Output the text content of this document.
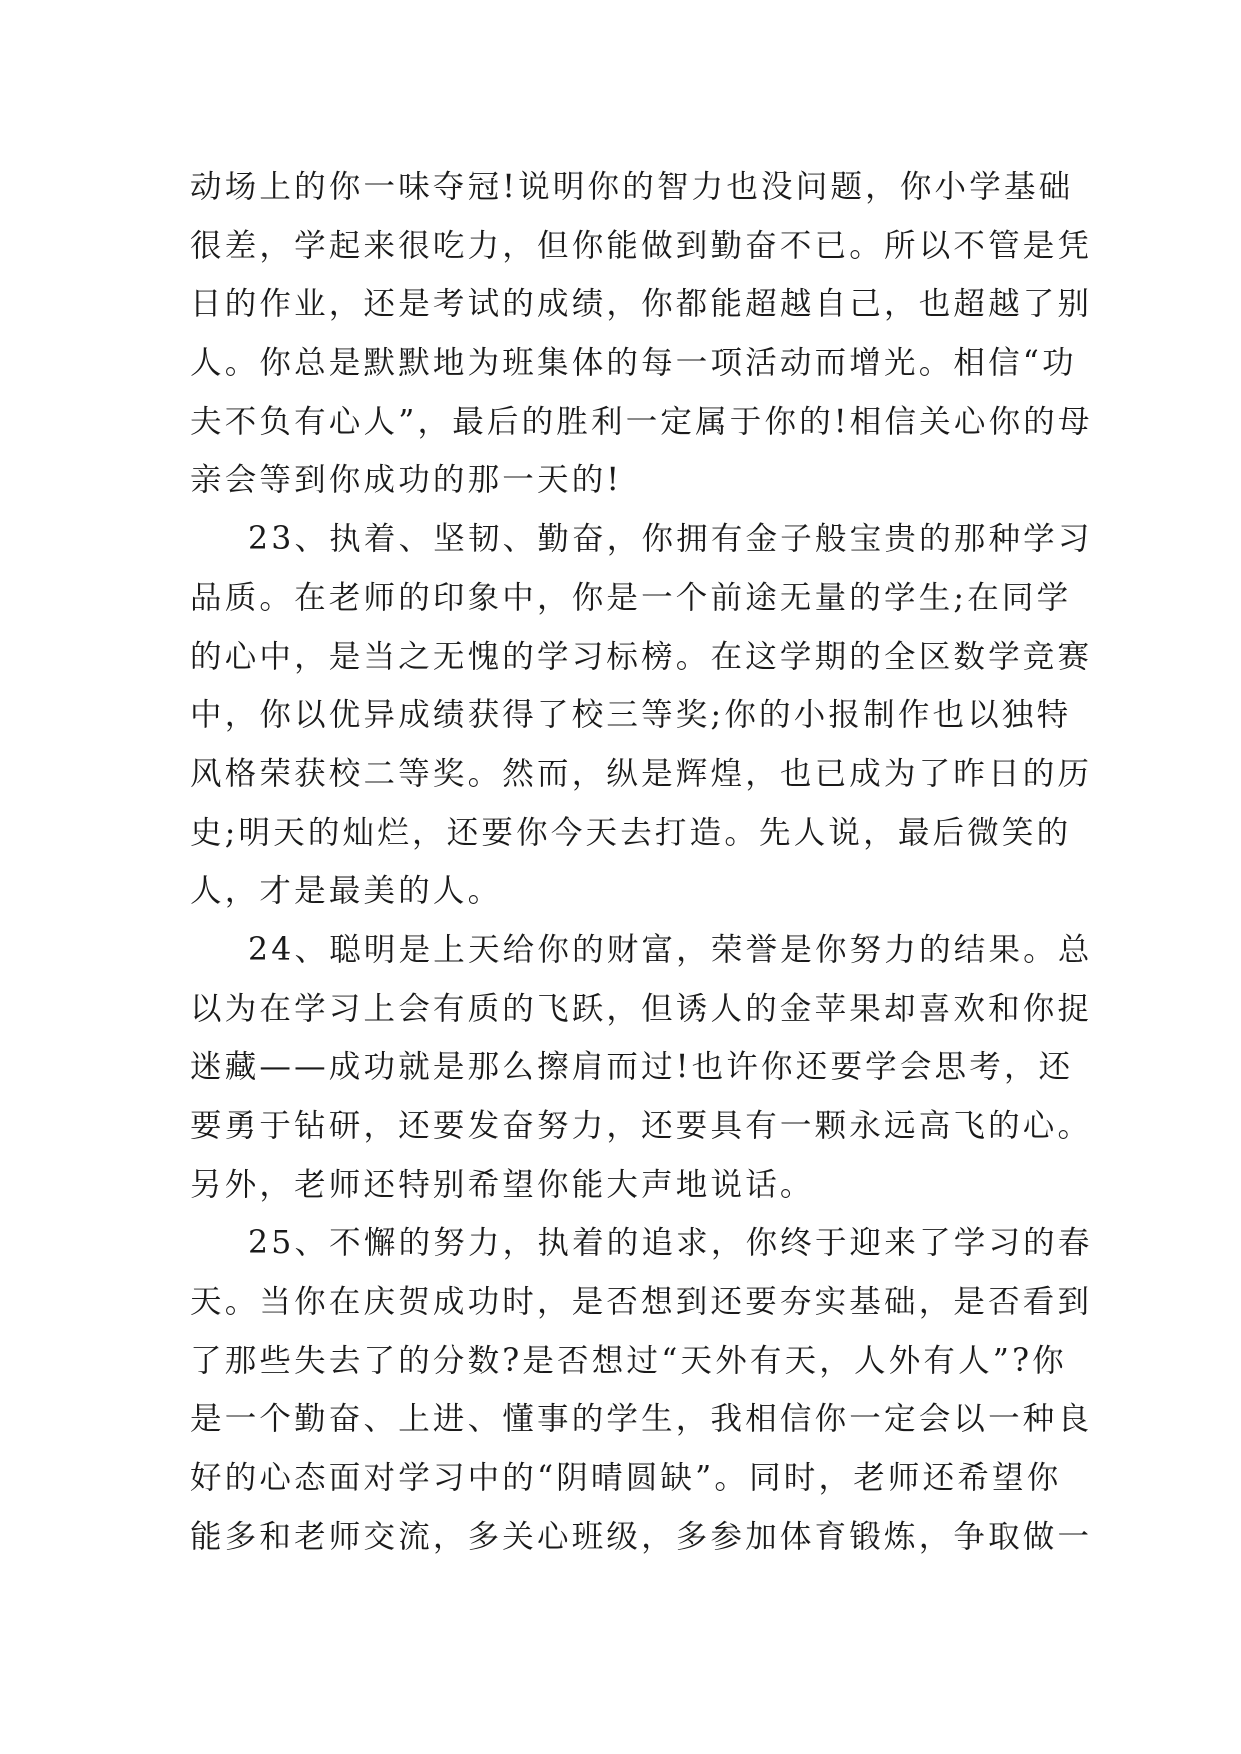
动场上的你一味夺冠!说明你的智力也没问题，你小学基础
很差，学起来很吃力，但你能做到勤奋不已。所以不管是凭
日的作业，还是考试的成绩，你都能超越自己，也超越了别
人。你总是默默地为班集体的每一项活动而增光。相信“功
夫不负有心人”，最后的胜利一定属于你的!相信关心你的母
亲会等到你成功的那一天的!
23、执着、坚韧、勤奋，你拥有金子般宝贵的那种学习
品质。在老师的印象中，你是一个前途无量的学生;在同学
的心中，是当之无愧的学习标榜。在这学期的全区数学竞赛
中，你以优异成绩获得了校三等奖;你的小报制作也以独特
风格荣获校二等奖。然而，纵是辉煌，也已成为了昨日的历
史;明天的灿烂，还要你今天去打造。先人说，最后微笑的
人，才是最美的人。
24、聪明是上天给你的财富，荣誉是你努力的结果。总
以为在学习上会有质的飞跃，但诱人的金苹果却喜欢和你捉
迷藏——成功就是那么擦肩而过!也许你还要学会思考，还
要勇于钻研，还要发奋努力，还要具有一颗永远高飞的心。
另外，老师还特别希望你能大声地说话。
25、不懈的努力，执着的追求，你终于迎来了学习的春
天。当你在庆贺成功时，是否想到还要夯实基础，是否看到
了那些失去了的分数?是否想过“天外有天，人外有人”?你
是一个勤奋、上进、懂事的学生，我相信你一定会以一种良
好的心态面对学习中的“阴晴圆缺”。同时，老师还希望你
能多和老师交流，多关心班级，多参加体育锻炼，争取做一
